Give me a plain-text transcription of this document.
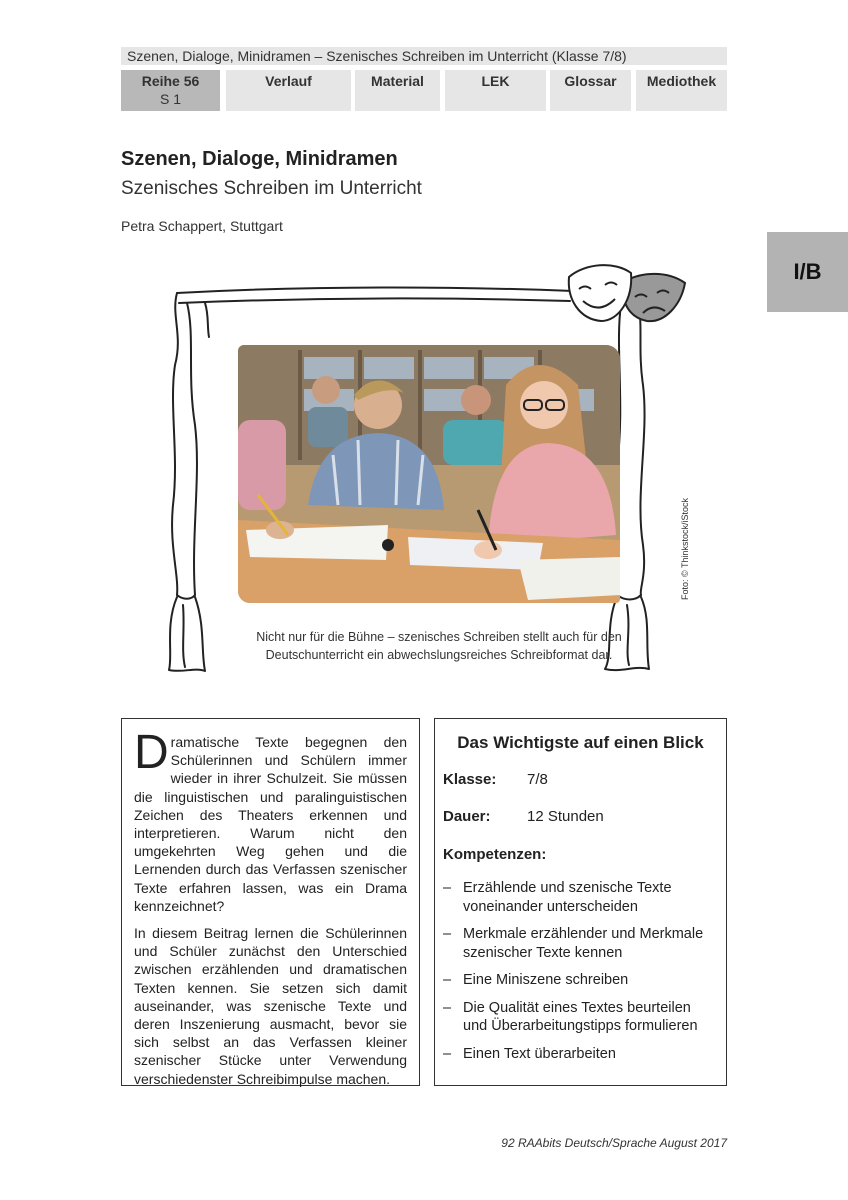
Szenen, Dialoge, Minidramen – Szenisches Schreiben im Unterricht (Klasse 7/8)
Reihe 56
S 1
Verlauf	Material	LEK	Glossar	Mediothek
I/B
Szenen, Dialoge, Minidramen
Szenisches Schreiben im Unterricht
Petra Schappert, Stuttgart
Foto: © Thinkstock/iStock
Nicht nur für die Bühne – szenisches Schreiben stellt auch für den
Deutschunterricht ein abwechslungsreiches Schreibformat dar.

Dramatische Texte begegnen den Schülerinnen und Schülern immer wieder in ihrer Schulzeit. Sie müssen die linguistischen und paralinguistischen Zeichen des Theaters erkennen und interpretieren. Warum nicht den umgekehrten Weg gehen und die Lernenden durch das Verfassen szenischer Texte erfahren lassen, was ein Drama kennzeichnet?

In diesem Beitrag lernen die Schülerinnen und Schüler zunächst den Unterschied zwischen erzählenden und dramatischen Texten kennen. Sie setzen sich damit auseinander, was szenische Texte und deren Inszenierung ausmacht, bevor sie sich selbst an das Verfassen kleiner szenischer Stücke unter Verwendung verschiedenster Schreibimpulse machen.

Das Wichtigste auf einen Blick
Klasse: 7/8
Dauer: 12 Stunden
Kompetenzen:
– Erzählende und szenische Texte voneinander unterscheiden
– Merkmale erzählender und Merkmale szenischer Texte kennen
– Eine Miniszene schreiben
– Die Qualität eines Textes beurteilen und Überarbeitungstipps formulieren
– Einen Text überarbeiten
92 RAAbits Deutsch/Sprache August 2017
